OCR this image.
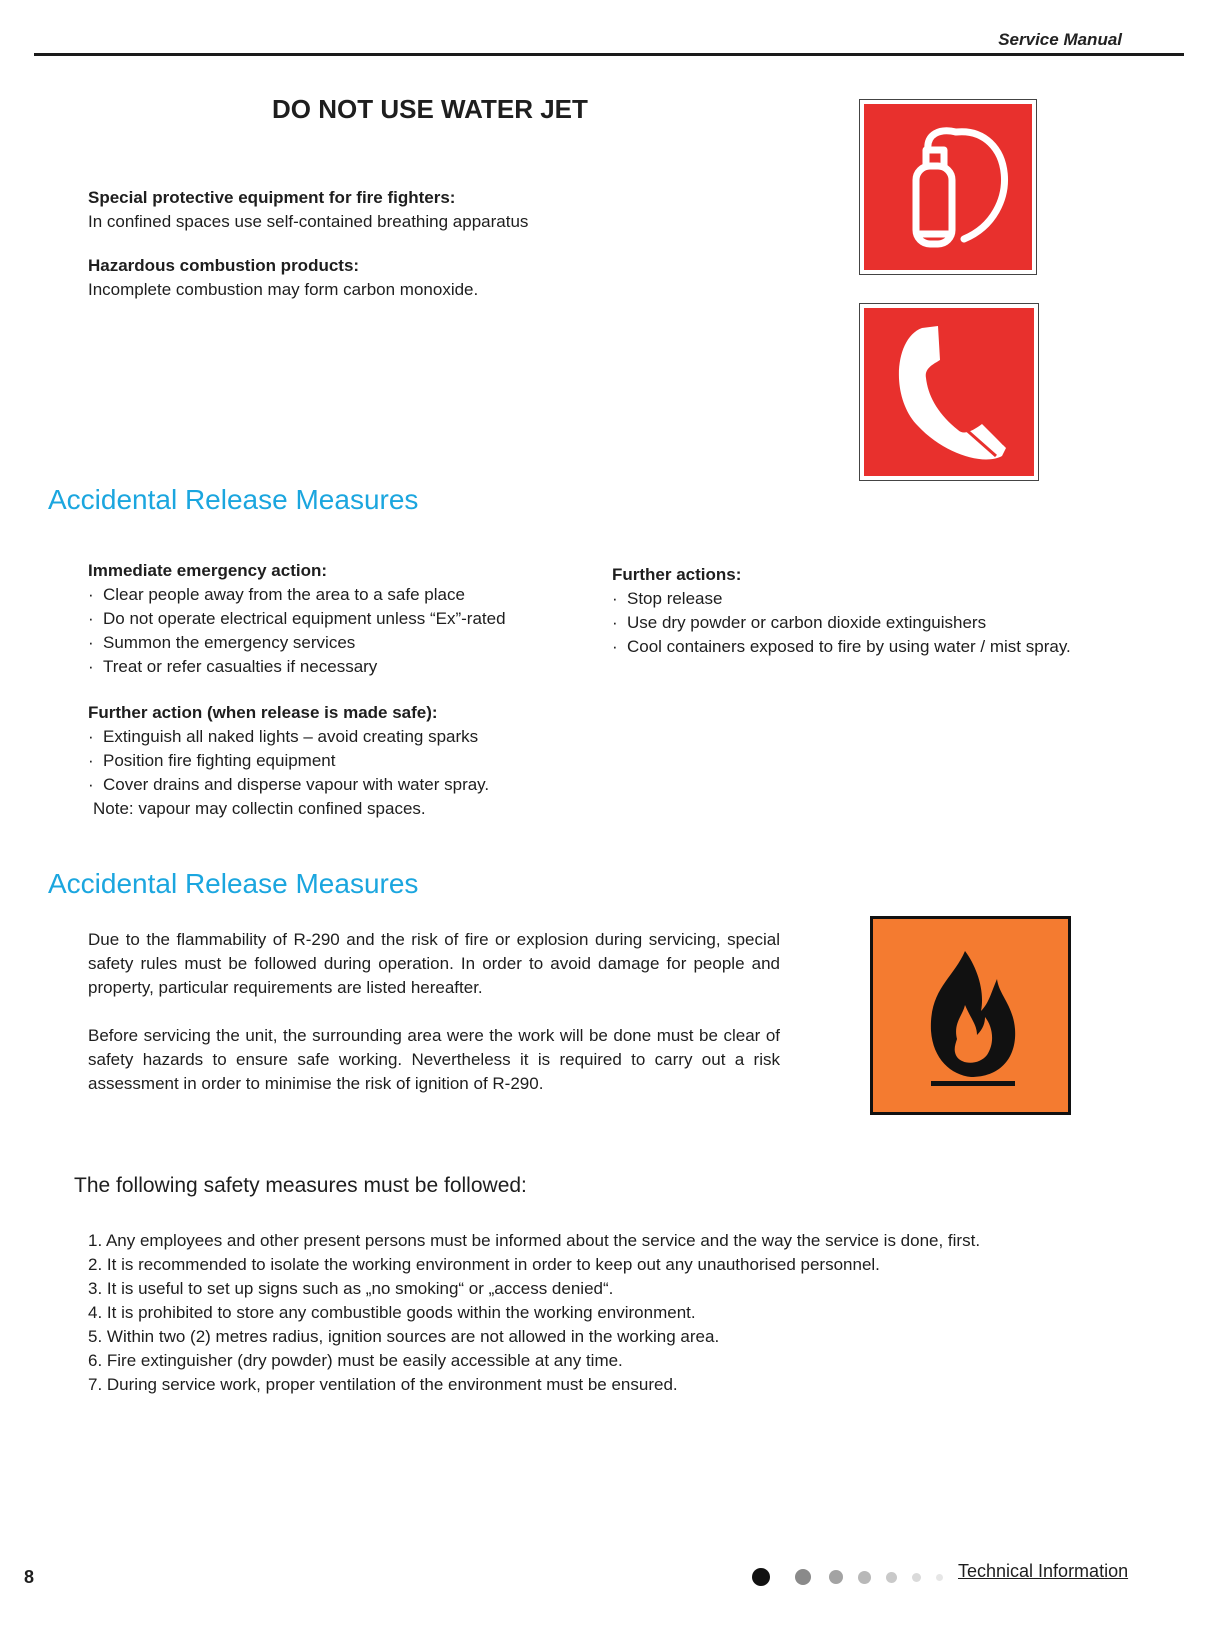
Service Manual
DO NOT USE WATER JET
Special protective equipment for fire fighters:
In confined spaces use self-contained breathing apparatus
Hazardous combustion products:
Incomplete combustion may form carbon monoxide.
Accidental Release Measures
Immediate emergency action:
· Clear people away from the area to a safe place
· Do not operate electrical equipment unless “Ex”-rated
· Summon the emergency services
· Treat or refer casualties if necessary
Further action (when release is made safe):
· Extinguish all naked lights – avoid creating sparks
· Position fire fighting equipment
· Cover drains and disperse vapour with water spray.
Note: vapour may collectin confined spaces.
Further actions:
· Stop release
· Use dry powder or carbon dioxide extinguishers
· Cool containers exposed to fire by using water / mist spray.
Accidental Release Measures
Due to the flammability of R-290 and the risk of fire or explosion during servicing, special safety rules must be followed during operation. In order to avoid damage for people and property, particular requirements are listed hereafter.
Before servicing the unit, the surrounding area were the work will be done must be clear of safety hazards to ensure safe working. Nevertheless it is required to carry out a risk assessment in order to minimise the risk of ignition of R-290.
The following safety measures must be followed:
1. Any employees and other present persons must be informed about the service and the way the service is done, first.
2. It is recommended to isolate the working environment in order to keep out any unauthorised personnel.
3. It is useful to set up signs such as „no smoking“ or „access denied“.
4. It is prohibited to store any combustible goods within the working environment.
5. Within two (2) metres radius, ignition sources are not allowed in the working area.
6. Fire extinguisher (dry powder) must be easily accessible at any time.
7. During service work, proper ventilation of the environment must be ensured.
8	Technical Information
